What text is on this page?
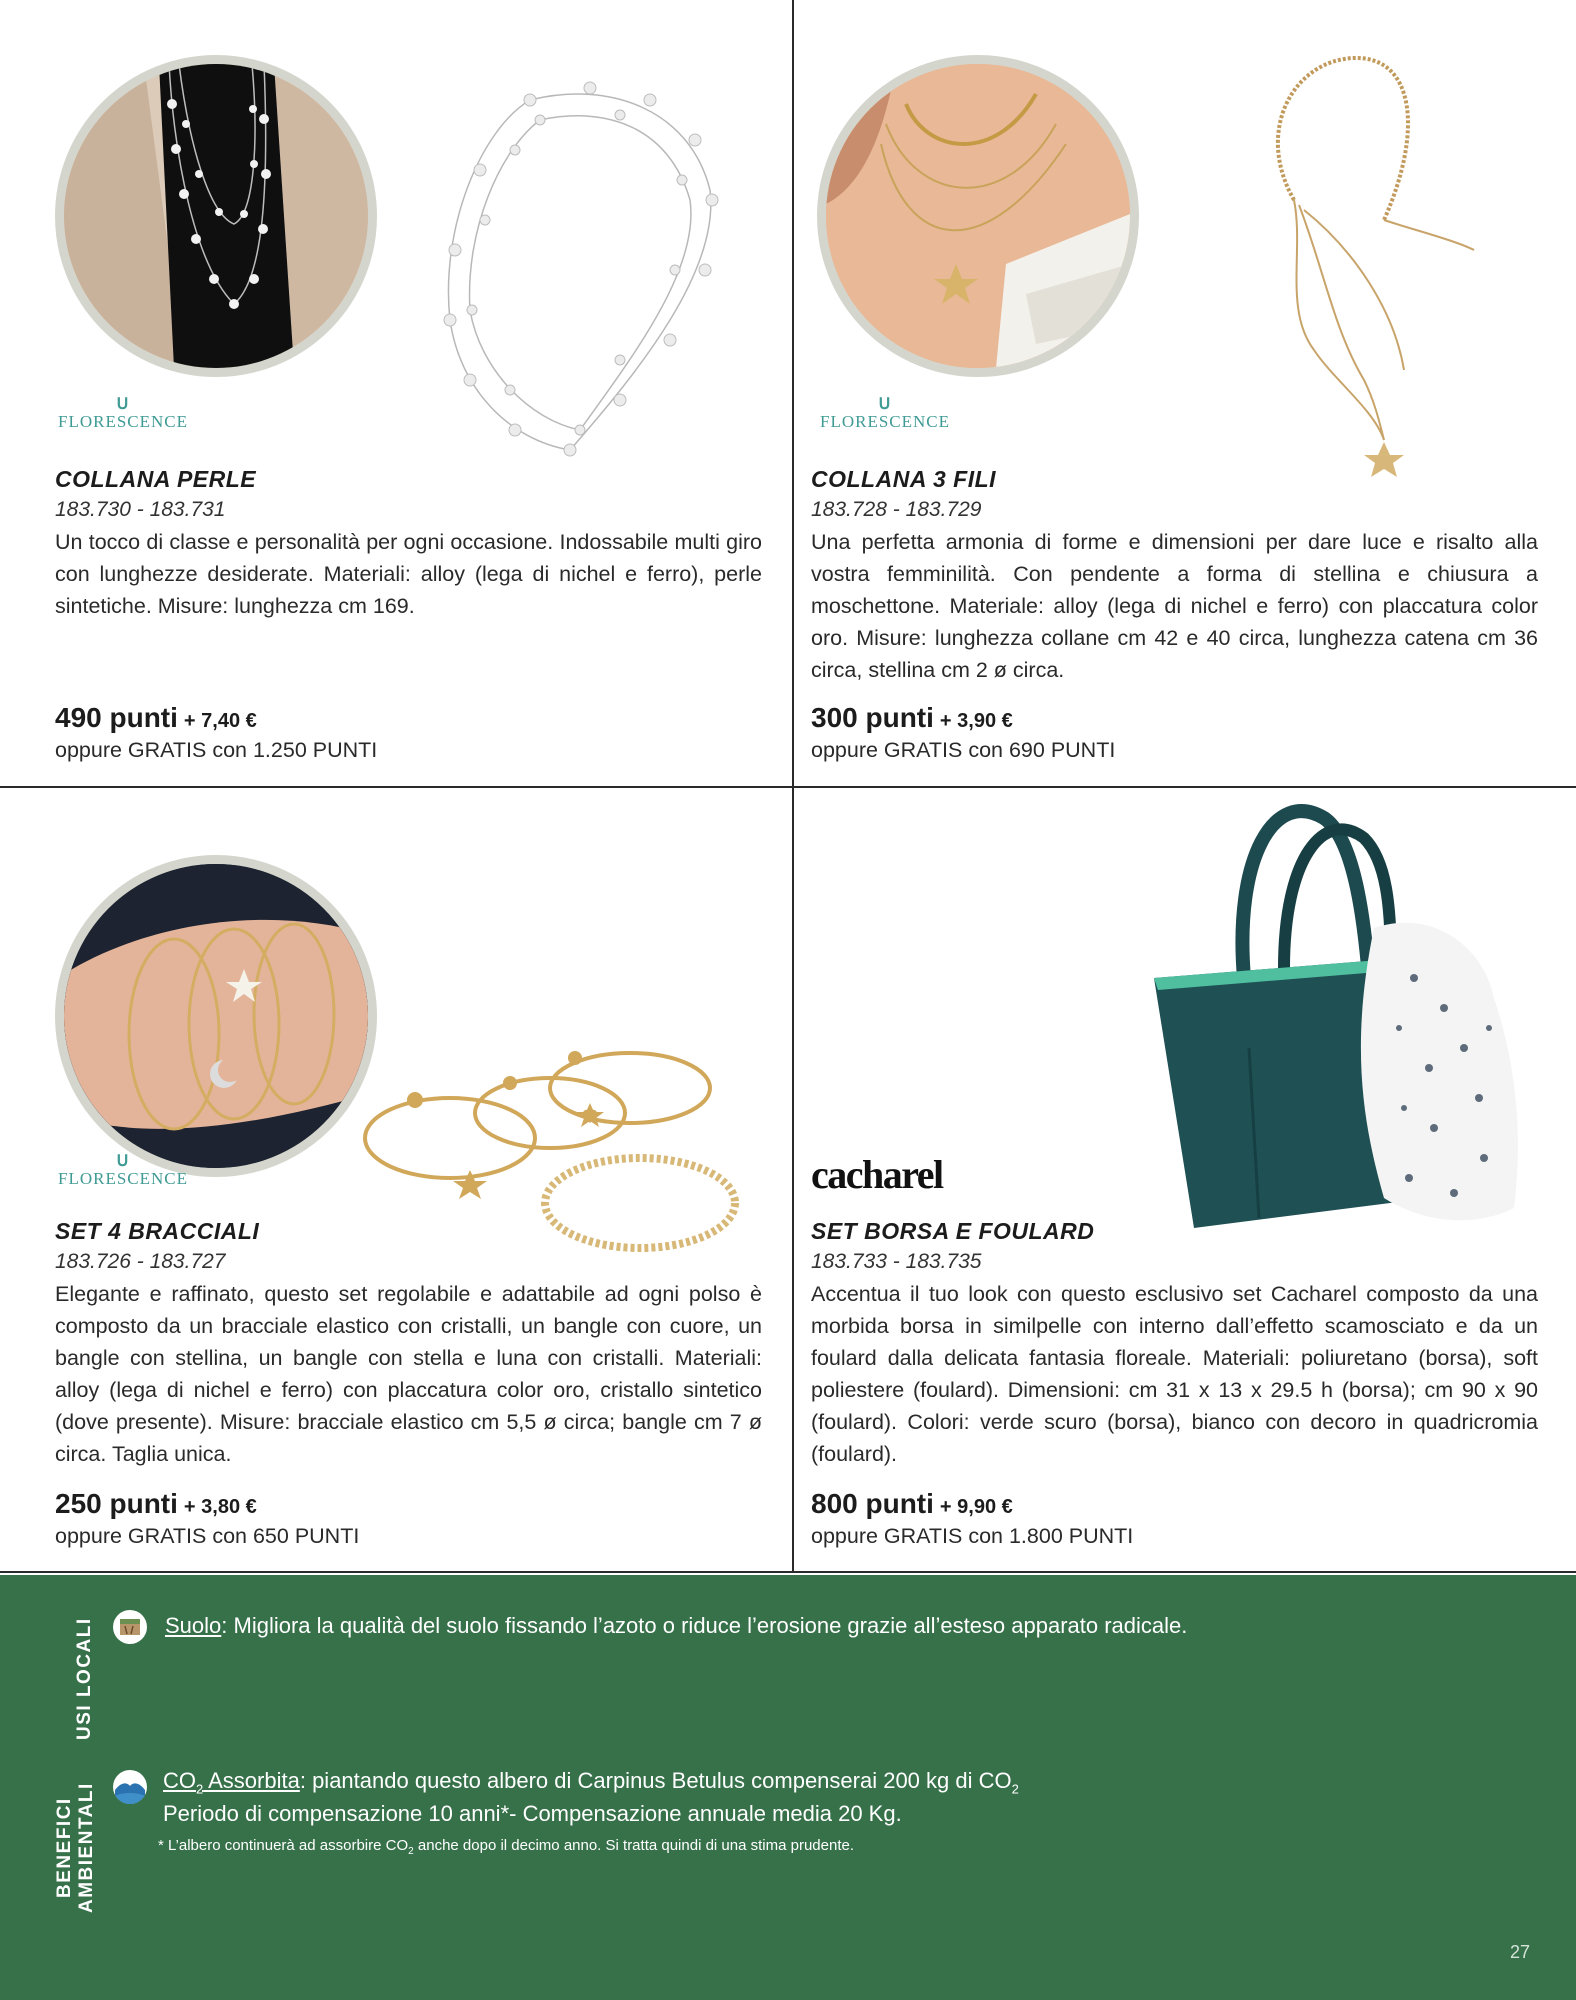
ᑌ
FLORESCENCE
COLLANA PERLE
183.730 - 183.731
Un tocco di classe e personalità per ogni occasione. Indossabile multi giro con lunghezze desiderate. Materiali: alloy (lega di nichel e ferro), perle sintetiche. Misure: lunghezza cm 169.
490 punti + 7,40 €
oppure GRATIS con 1.250 PUNTI
ᑌ
FLORESCENCE
COLLANA 3 FILI
183.728 - 183.729
Una perfetta armonia di forme e dimensioni per dare luce e risalto alla vostra femminilità. Con pendente a forma di stellina e chiusura a moschettone. Materiale: alloy (lega di nichel e ferro) con placcatura color oro. Misure: lunghezza collane cm 42 e 40 circa, lunghezza catena cm 36 circa, stellina cm 2 ø circa.
300 punti + 3,90 €
oppure GRATIS con 690 PUNTI
ᑌ
FLORESCENCE
SET 4 BRACCIALI
183.726 - 183.727
Elegante e raffinato, questo set regolabile e adattabile ad ogni polso è composto da un bracciale elastico con cristalli, un bangle con cuore, un bangle con stellina, un bangle con stella e luna con cristalli. Materiali: alloy (lega di nichel e ferro) con placcatura color oro, cristallo sintetico (dove presente). Misure: bracciale elastico cm 5,5 ø circa; bangle cm 7 ø circa. Taglia unica.
250 punti + 3,80 €
oppure GRATIS con 650 PUNTI
cacharel
SET BORSA E FOULARD
183.733 - 183.735
Accentua il tuo look con questo esclusivo set Cacharel composto da una morbida borsa in similpelle con interno dall’effetto scamosciato e da un foulard dalla delicata fantasia floreale. Materiali: poliuretano (borsa), soft poliestere (foulard). Dimensioni: cm 31 x 13 x 29.5 h (borsa); cm 90 x 90 (foulard). Colori: verde scuro (borsa), bianco con decoro in quadricromia (foulard).
800 punti + 9,90 €
oppure GRATIS con 1.800 PUNTI
USI LOCALI
BENEFICI AMBIENTALI
Suolo: Migliora la qualità del suolo fissando l’azoto o riduce l’erosione grazie all’esteso apparato radicale.
$CO_2$ Assorbita: piantando questo albero di Carpinus Betulus compenserai 200 kg di $CO_2$
Periodo di compensazione 10 anni*- Compensazione annuale media 20 Kg.
* L’albero continuerà ad assorbire $CO_2$ anche dopo il decimo anno. Si tratta quindi di una stima prudente.
27
